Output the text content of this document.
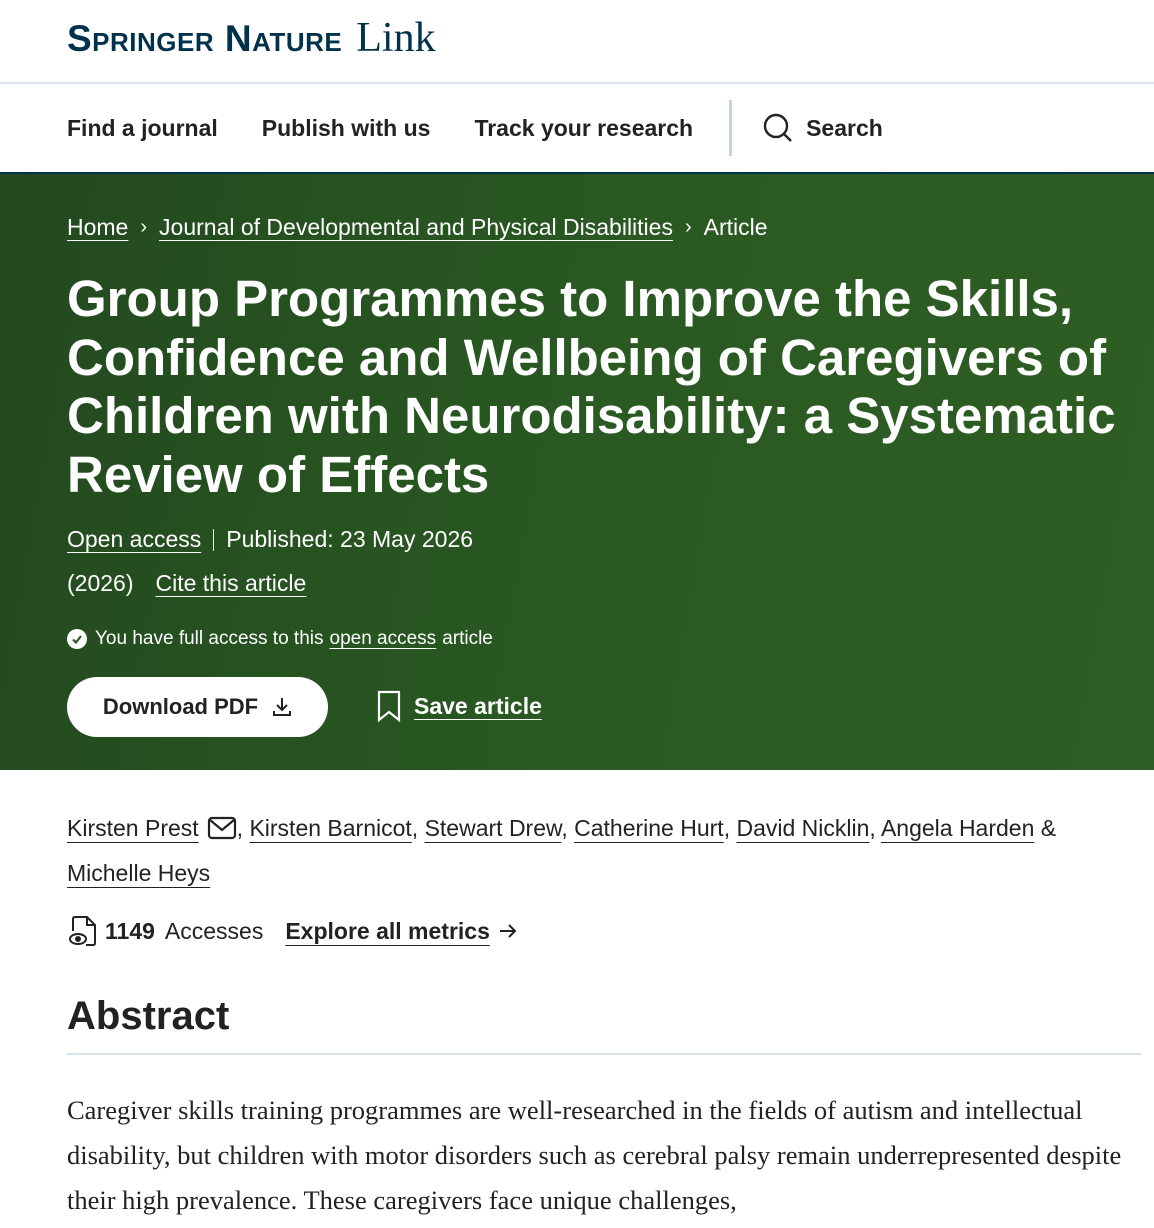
Springer Nature Link
Find a journal Publish with us Track your research	Search
Home › Journal of Developmental and Physical Disabilities › Article
Group Programmes to Improve the Skills, Confidence and Wellbeing of Caregivers of Children with Neurodisability: a Systematic Review of Effects
Open access Published: 23 May 2026
(2026) Cite this article
You have full access to this open access article
Download PDF	Save article
Kirsten Prest , Kirsten Barnicot, Stewart Drew, Catherine Hurt, David Nicklin, Angela Harden & Michelle Heys
1149 Accesses Explore all metrics
Abstract

Caregiver skills training programmes are well-researched in the fields of autism and intellectual disability, but children with motor disorders such as cerebral palsy remain underrepresented despite their high prevalence. These caregivers face unique challenges,
